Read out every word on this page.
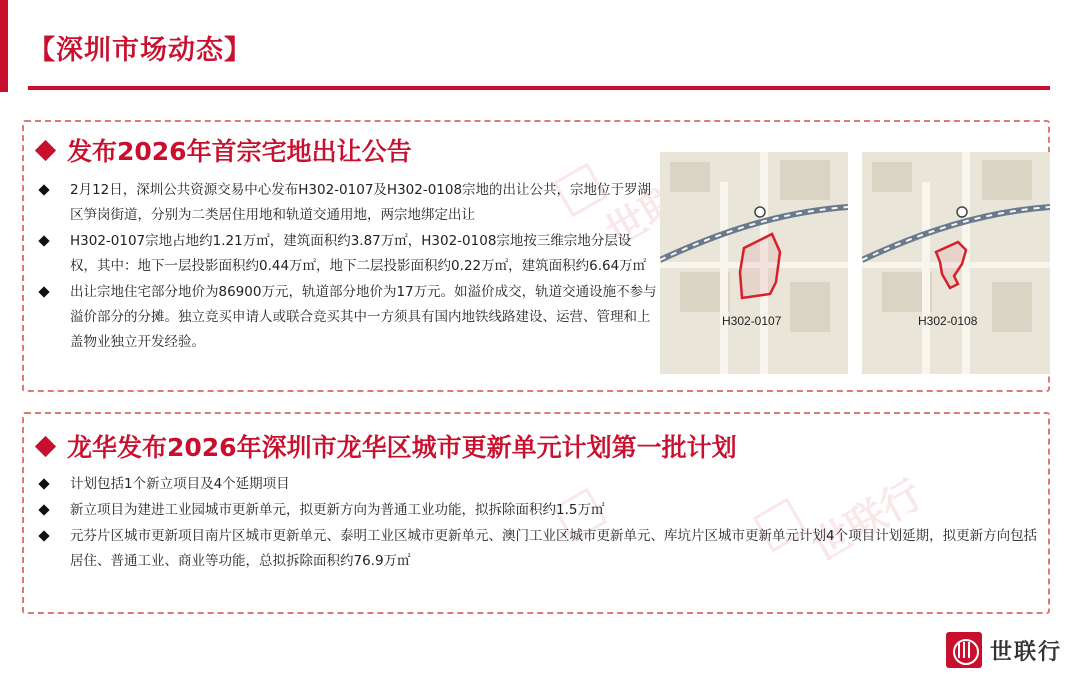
【深圳市场动态】
世联行
发布2026年首宗宅地出让公告
2月12日，深圳公共资源交易中心发布H302-0107及H302-0108宗地的出让公共，宗地位于罗湖区笋岗街道，分别为二类居住用地和轨道交通用地，两宗地绑定出让
H302-0107宗地占地约1.21万㎡，建筑面积约3.87万㎡，H302-0108宗地按三维宗地分层设权，其中：地下一层投影面积约0.44万㎡，地下二层投影面积约0.22万㎡，建筑面积约6.64万㎡
出让宗地住宅部分地价为86900万元，轨道部分地价为17万元。如溢价成交，轨道交通设施不参与溢价部分的分摊。独立竞买申请人或联合竞买其中一方须具有国内地铁线路建设、运营、管理和上盖物业独立开发经验。
H302-0107	H302-0108
龙华发布2026年深圳市龙华区城市更新单元计划第一批计划
计划包括1个新立项目及4个延期项目
新立项目为建进工业园城市更新单元，拟更新方向为普通工业功能，拟拆除面积约1.5万㎡
元芬片区城市更新项目南片区城市更新单元、泰明工业区城市更新单元、澳门工业区城市更新单元、库坑片区城市更新单元计划4个项目计划延期，拟更新方向包括居住、普通工业、商业等功能，总拟拆除面积约76.9万㎡
世联行
